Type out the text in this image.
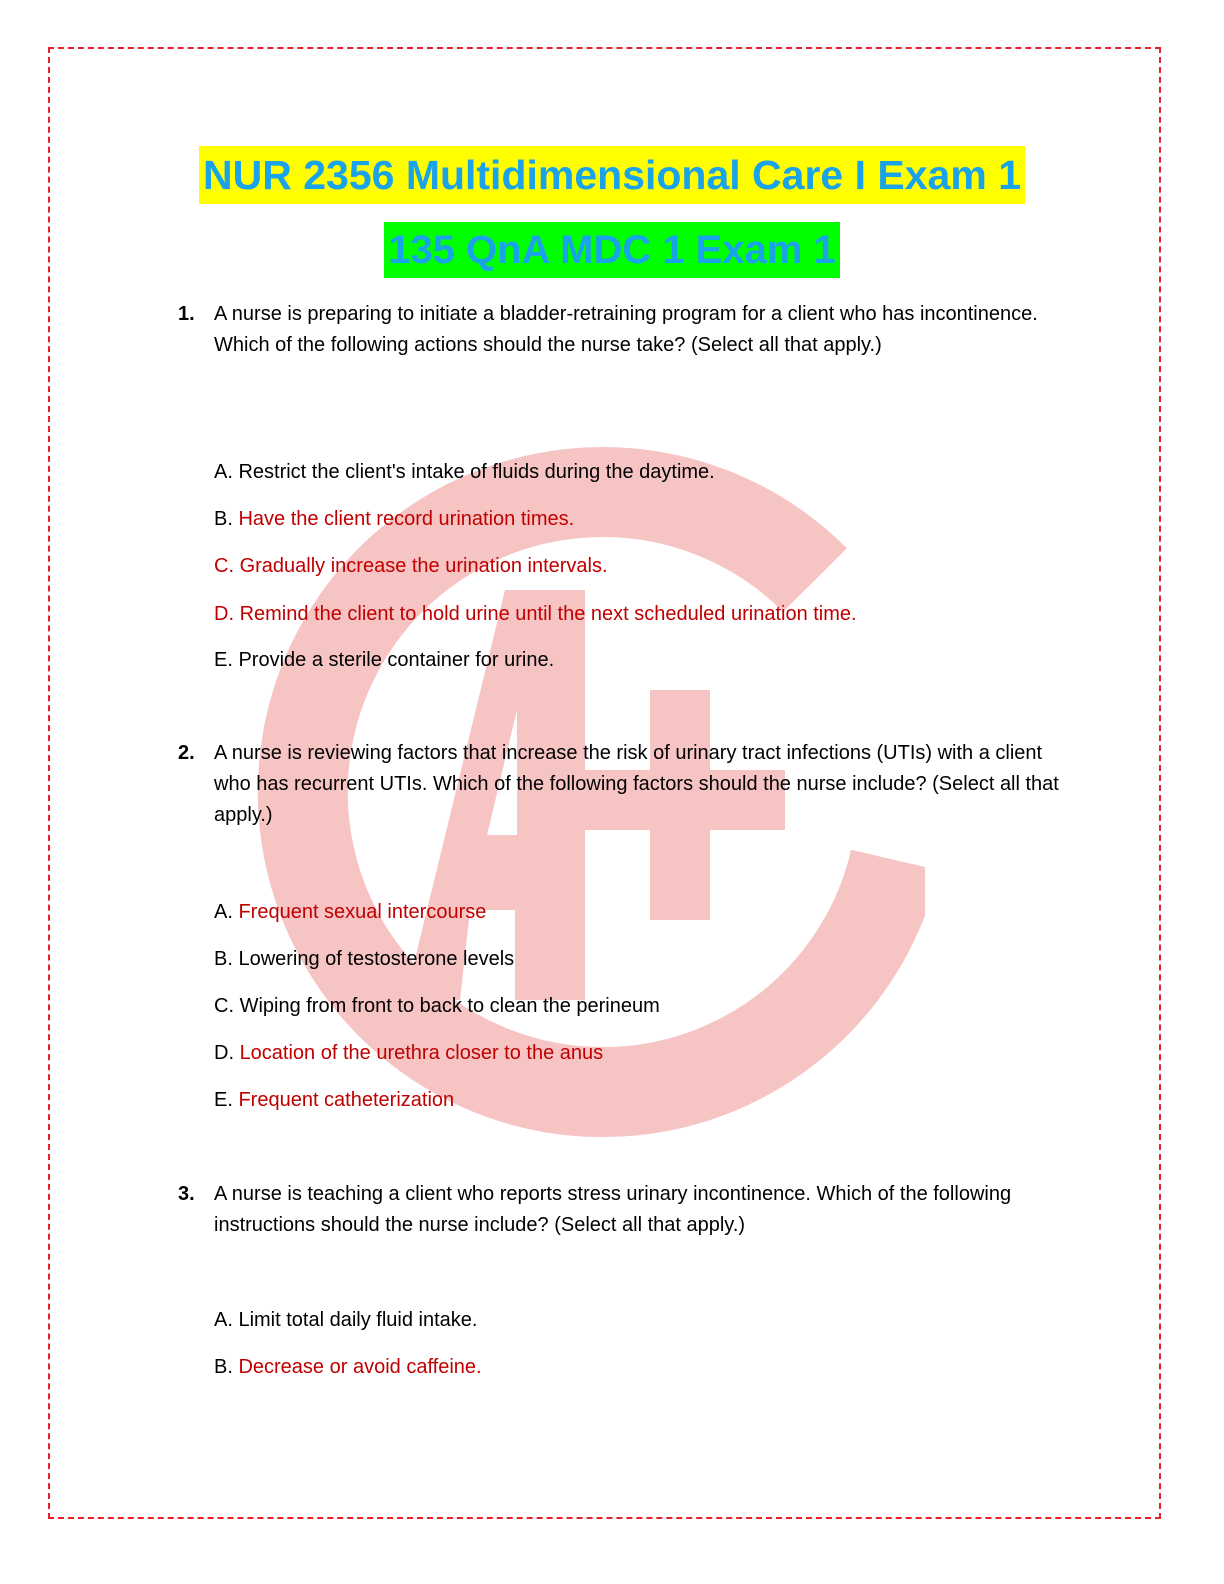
NUR 2356 Multidimensional Care I Exam 1
135 QnA MDC 1 Exam 1
1. A nurse is preparing to initiate a bladder-retraining program for a client who has incontinence. Which of the following actions should the nurse take? (Select all that apply.)
A. Restrict the client's intake of fluids during the daytime.
B. Have the client record urination times.
C. Gradually increase the urination intervals.
D. Remind the client to hold urine until the next scheduled urination time.
E. Provide a sterile container for urine.
2. A nurse is reviewing factors that increase the risk of urinary tract infections (UTIs) with a client who has recurrent UTIs. Which of the following factors should the nurse include? (Select all that apply.)
A. Frequent sexual intercourse
B. Lowering of testosterone levels
C. Wiping from front to back to clean the perineum
D. Location of the urethra closer to the anus
E. Frequent catheterization
3. A nurse is teaching a client who reports stress urinary incontinence. Which of the following instructions should the nurse include? (Select all that apply.)
A. Limit total daily fluid intake.
B. Decrease or avoid caffeine.
